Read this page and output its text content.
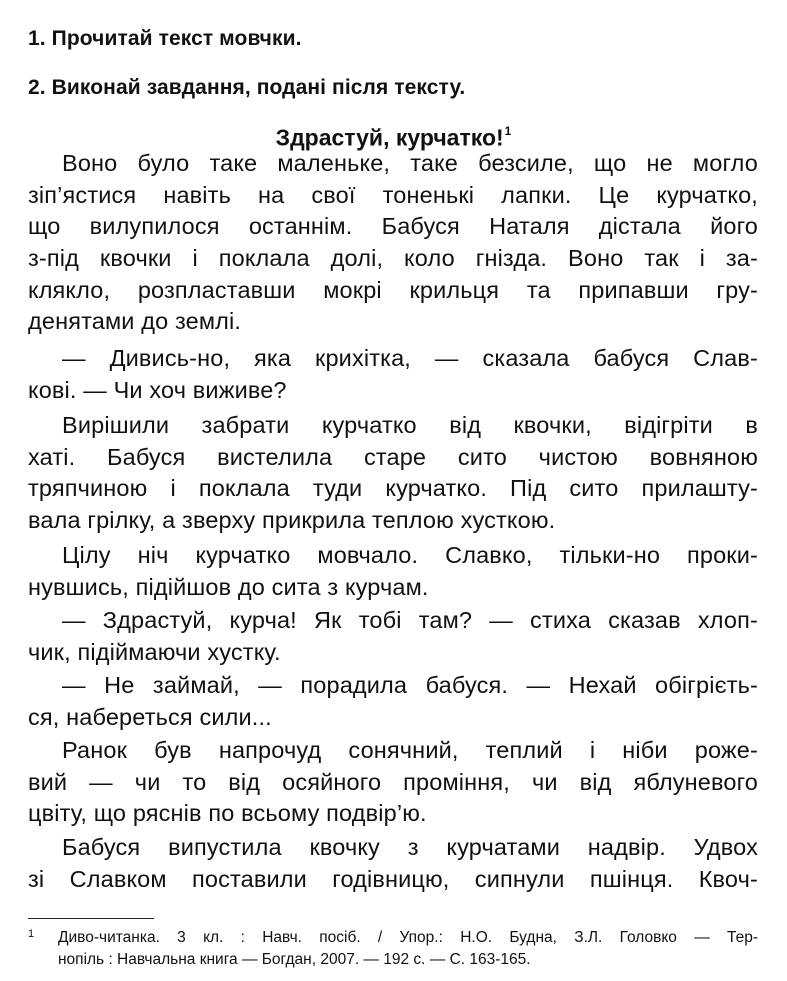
1. Прочитай текст мовчки.
2. Виконай завдання, подані після тексту.
Здрастуй, курчатко!$^1$
Воно було таке маленьке, таке безсиле, що не могло
зіп’ястися навіть на свої тоненькі лапки. Це курчатко,
що вилупилося останнім. Бабуся Наталя дістала його
з-під квочки і поклала долі, коло гнізда. Воно так і за-
клякло, розпластавши мокрі крильця та припавши гру-
денятами до землі.
— Дивись-но, яка крихітка, — сказала бабуся Слав-
кові. — Чи хоч виживе?
Вирішили забрати курчатко від квочки, відігріти в
хаті. Бабуся вистелила старе сито чистою вовняною
тряпчиною і поклала туди курчатко. Під сито прилашту-
вала грілку, а зверху прикрила теплою хусткою.
Цілу ніч курчатко мовчало. Славко, тільки-но проки-
нувшись, підійшов до сита з курчам.
— Здрастуй, курча! Як тобі там? — стиха сказав хлоп-
чик, підіймаючи хустку.
— Не займай, — порадила бабуся. — Нехай обігрієть-
ся, набереться сили...
Ранок був напрочуд сонячний, теплий і ніби роже-
вий — чи то від осяйного проміння, чи від яблуневого
цвіту, що ряснів по всьому подвір’ю.
Бабуся випустила квочку з курчатами надвір. Удвох
зі Славком поставили годівницю, сипнули пшінця. Квоч-
1	Диво-читанка. 3 кл. : Навч. посіб. / Упор.: Н.О. Будна, З.Л. Головко — Тер-
нопіль : Навчальна книга — Богдан, 2007. — 192 с. — С. 163-165.
